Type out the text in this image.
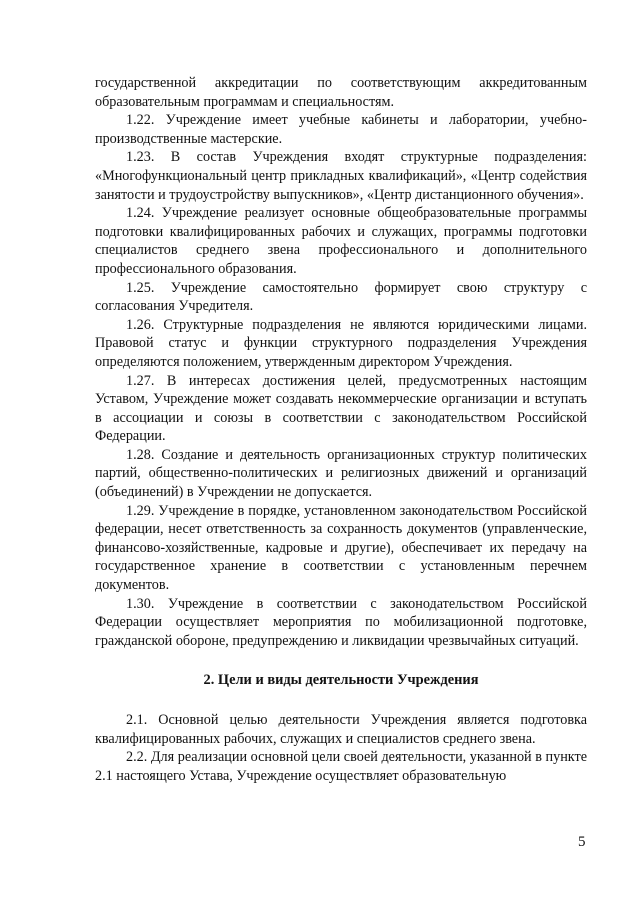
государственной аккредитации по соответствующим аккредитованным образовательным программам и специальностям.

1.22. Учреждение имеет учебные кабинеты и лаборатории, учебно-производственные мастерские.

1.23. В состав Учреждения входят структурные подразделения: «Многофункциональный центр прикладных квалификаций», «Центр содействия занятости и трудоустройству выпускников», «Центр дистанционного обучения».

1.24. Учреждение реализует основные общеобразовательные программы подготовки квалифицированных рабочих и служащих, программы подготовки специалистов среднего звена профессионального и дополнительного профессионального образования.

1.25. Учреждение самостоятельно формирует свою структуру с согласования Учредителя.

1.26. Структурные подразделения не являются юридическими лицами. Правовой статус и функции структурного подразделения Учреждения определяются положением, утвержденным директором Учреждения.

1.27. В интересах достижения целей, предусмотренных настоящим Уставом, Учреждение может создавать некоммерческие организации и вступать в ассоциации и союзы в соответствии с законодательством Российской Федерации.

1.28. Создание и деятельность организационных структур политических партий, общественно-политических и религиозных движений и организаций (объединений) в Учреждении не допускается.

1.29. Учреждение в порядке, установленном законодательством Российской федерации, несет ответственность за сохранность документов (управленческие, финансово-хозяйственные, кадровые и другие), обеспечивает их передачу на государственное хранение в соответствии с установленным перечнем документов.

1.30. Учреждение в соответствии с законодательством Российской Федерации осуществляет мероприятия по мобилизационной подготовке, гражданской обороне, предупреждению и ликвидации чрезвычайных ситуаций.

2. Цели и виды деятельности Учреждения

2.1. Основной целью деятельности Учреждения является подготовка квалифицированных рабочих, служащих и специалистов среднего звена.

2.2. Для реализации основной цели своей деятельности, указанной в пункте 2.1 настоящего Устава, Учреждение осуществляет образовательную

5
